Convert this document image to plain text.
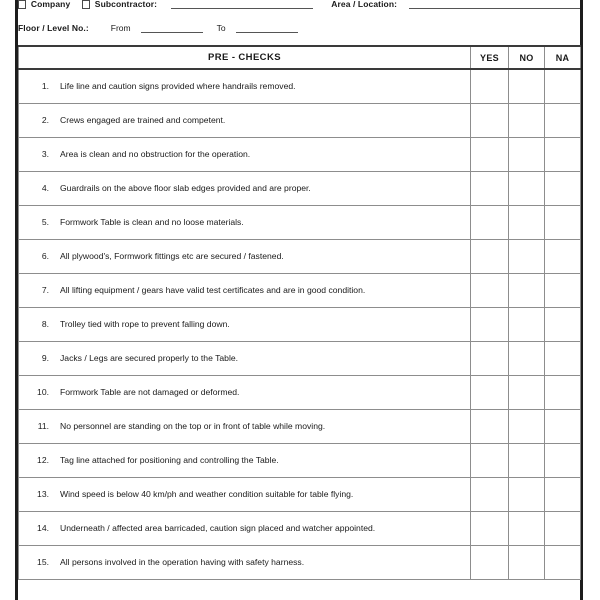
Company	Subcontractor:	Area / Location:
Floor / Level No.:	From	To
PRE - CHECKS	YES	NO	NA

1. Life line and caution signs provided where handrails removed.			

2. Crews engaged are trained and competent.			

3. Area is clean and no obstruction for the operation.			

4. Guardrails on the above floor slab edges provided and are proper.			

5. Formwork Table is clean and no loose materials.			

6. All plywood's, Formwork fittings etc are secured / fastened.			

7. All lifting equipment / gears have valid test certificates and are in good condition.			

8. Trolley tied with rope to prevent falling down.			

9. Jacks / Legs are secured properly to the Table.			

10. Formwork Table are not damaged or deformed.			

11. No personnel are standing on the top or in front of table while moving.			

12. Tag line attached for positioning and controlling the Table.			

13. Wind speed is below 40 km/ph and weather condition suitable for table flying.			

14. Underneath / affected area barricaded, caution sign placed and watcher appointed.			

15. All persons involved in the operation having with safety harness.			
